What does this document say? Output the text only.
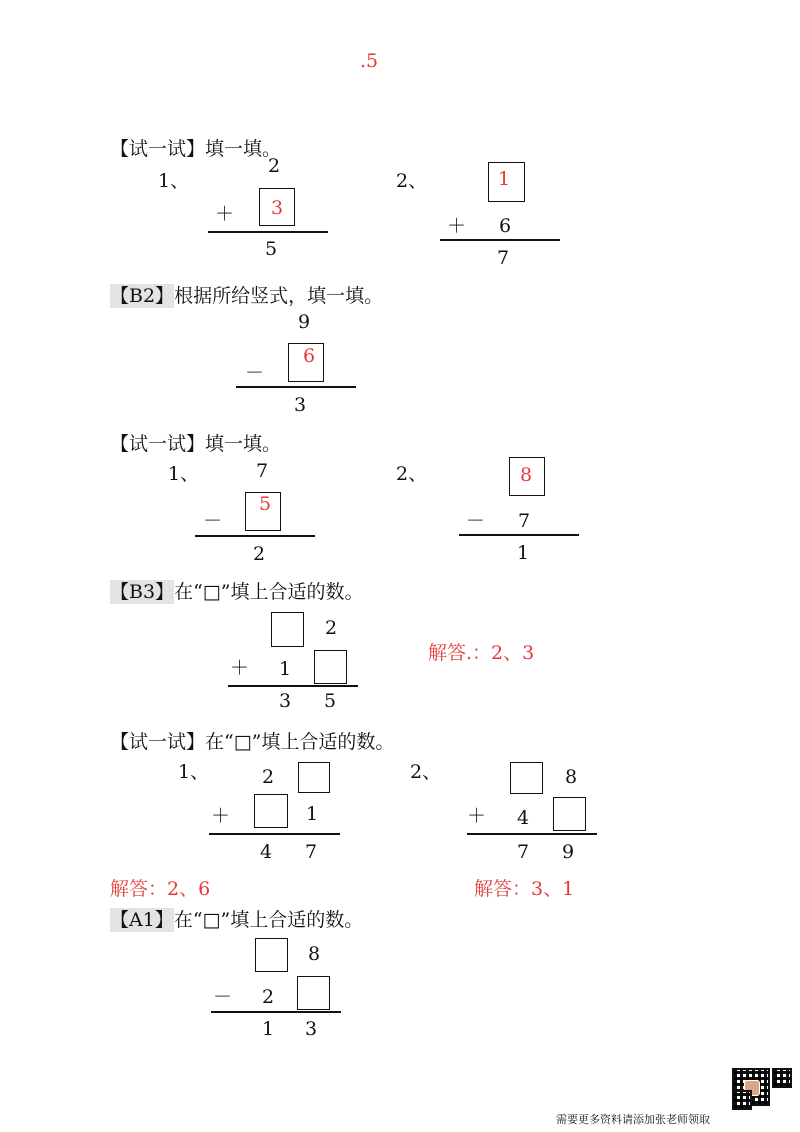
.5
【试一试】填一填。
1、
2
＋ 3
5
2、	1
＋ 6
7
【B2】根据所给竖式，填一填。
9
－
6
3
【试一试】填一填。
1、	7
－
5
2
2、	8
－ 7
1
【B3】在“□”填上合适的数。
2
＋ 1
3 5
解答.：2、3
【试一试】在“□”填上合适的数。
1、	2
＋	1
4 7
解答：2、6
2、	8
＋ 4
7 9
解答：3、1
【A1】在“□”填上合适的数。
8
－ 2
1 3
需要更多资料请添加张老师领取
